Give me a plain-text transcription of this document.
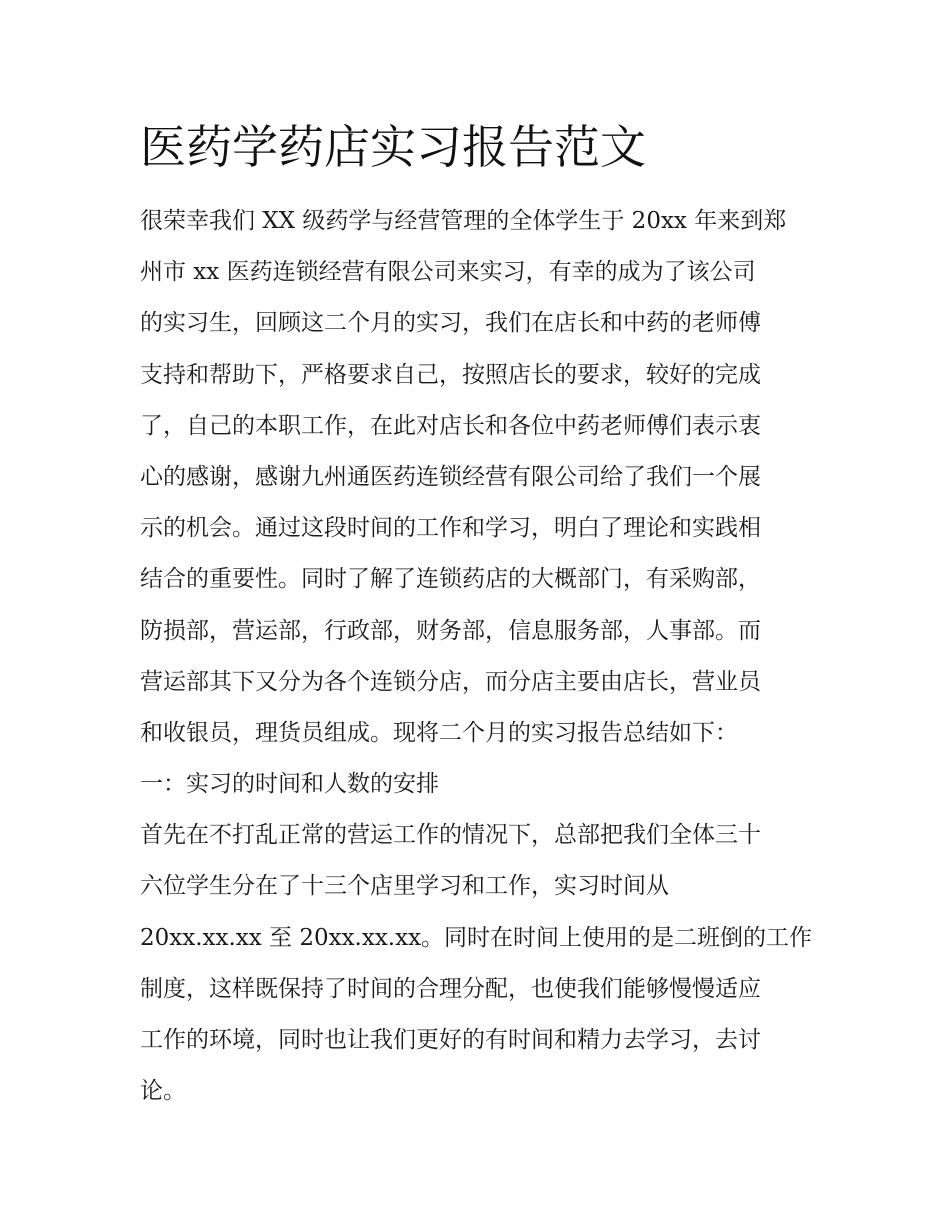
医药学药店实习报告范文
很荣幸我们 XX 级药学与经营管理的全体学生于 20xx 年来到郑
州市 xx 医药连锁经营有限公司来实习，有幸的成为了该公司
的实习生，回顾这二个月的实习，我们在店长和中药的老师傅
支持和帮助下，严格要求自己，按照店长的要求，较好的完成
了，自己的本职工作，在此对店长和各位中药老师傅们表示衷
心的感谢，感谢九州通医药连锁经营有限公司给了我们一个展
示的机会。通过这段时间的工作和学习，明白了理论和实践相
结合的重要性。同时了解了连锁药店的大概部门，有采购部，
防损部，营运部，行政部，财务部，信息服务部，人事部。而
营运部其下又分为各个连锁分店，而分店主要由店长，营业员
和收银员，理货员组成。现将二个月的实习报告总结如下：
一：实习的时间和人数的安排
首先在不打乱正常的营运工作的情况下，总部把我们全体三十
六位学生分在了十三个店里学习和工作，实习时间从
20xx.xx.xx 至 20xx.xx.xx。同时在时间上使用的是二班倒的工作
制度，这样既保持了时间的合理分配，也使我们能够慢慢适应
工作的环境，同时也让我们更好的有时间和精力去学习，去讨
论。
